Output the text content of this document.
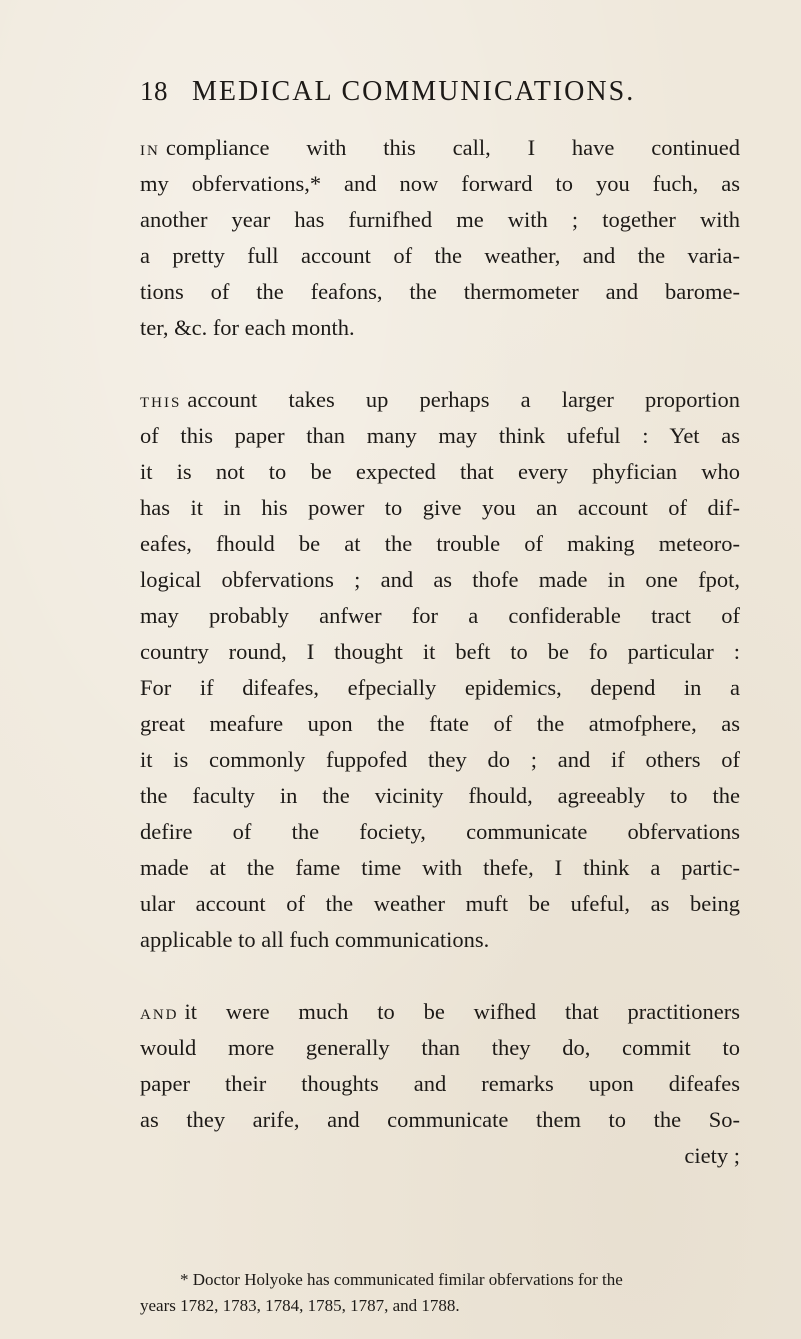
18 MEDICAL COMMUNICATIONS.
IN compliance with this call, I have continued
my obfervations,* and now forward to you fuch, as
another year has furnifhed me with ; together with
a pretty full account of the weather, and the varia-
tions of the feafons, the thermometer and barome-
ter, &c. for each month.
THIS account takes up perhaps a larger proportion
of this paper than many may think ufeful : Yet as
it is not to be expected that every phyfician who
has it in his power to give you an account of dif-
eafes, fhould be at the trouble of making meteoro-
logical obfervations ; and as thofe made in one fpot,
may probably anfwer for a confiderable tract of
country round, I thought it beft to be fo particular :
For if difeafes, efpecially epidemics, depend in a
great meafure upon the ftate of the atmofphere, as
it is commonly fuppofed they do ; and if others of
the faculty in the vicinity fhould, agreeably to the
defire of the fociety, communicate obfervations
made at the fame time with thefe, I think a partic-
ular account of the weather muft be ufeful, as being
applicable to all fuch communications.
AND it were much to be wifhed that practitioners
would more generally than they do, commit to
paper their thoughts and remarks upon difeafes
as they arife, and communicate them to the So-
ciety ;
* Doctor Holyoke has communicated fimilar obfervations for the
years 1782, 1783, 1784, 1785, 1787, and 1788.
